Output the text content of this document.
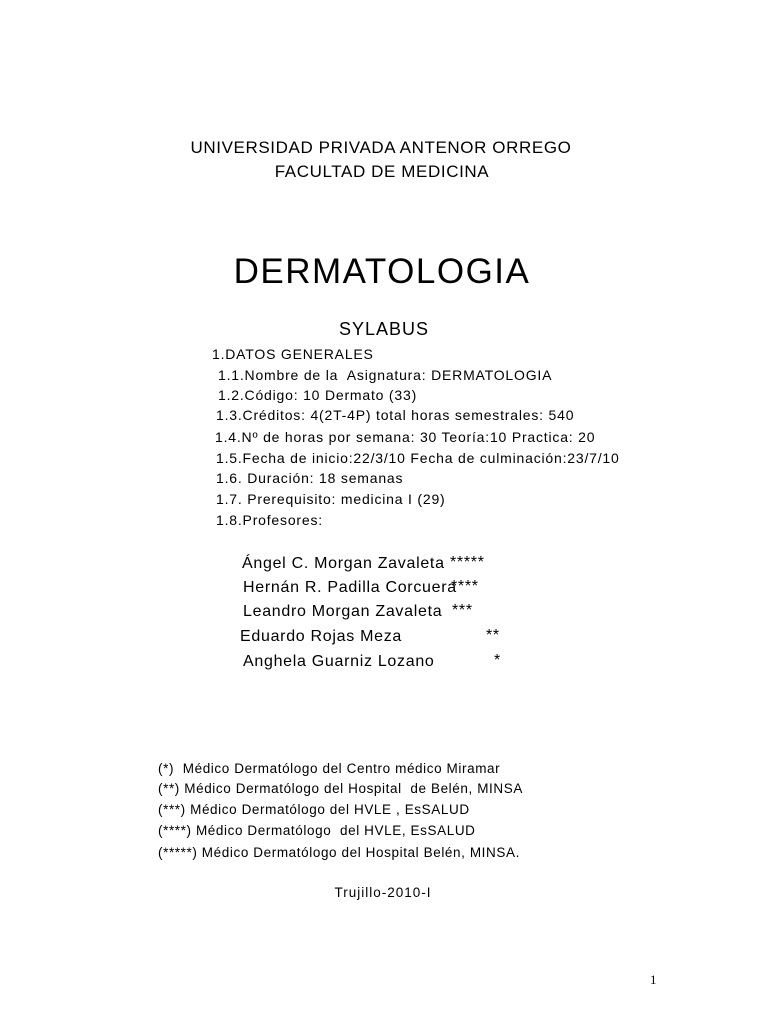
UNIVERSIDAD PRIVADA ANTENOR ORREGO
FACULTAD DE MEDICINA
DERMATOLOGIA
SYLABUS
1.DATOS GENERALES
1.1.Nombre de la  Asignatura: DERMATOLOGIA
1.2.Código: 10 Dermato (33)
1.3.Créditos: 4(2T-4P) total horas semestrales: 540
1.4.Nº de horas por semana: 30 Teoría:10 Practica: 20
1.5.Fecha de inicio:22/3/10 Fecha de culminación:23/7/10
1.6. Duración: 18 semanas
1.7. Prerequisito: medicina I (29)
1.8.Profesores:
Ángel C. Morgan Zavaleta *****
Hernán R. Padilla Corcuera
****
Leandro Morgan Zavaleta ***
Eduardo Rojas Meza	**
Anghela Guarniz Lozano	*
(*)  Médico Dermatólogo del Centro médico Miramar
(**) Médico Dermatólogo del Hospital  de Belén, MINSA
(***) Médico Dermatólogo del HVLE , EsSALUD
(****) Médico Dermatólogo  del HVLE, EsSALUD
(*****) Médico Dermatólogo del Hospital Belén, MINSA.
Trujillo-2010-I
1
